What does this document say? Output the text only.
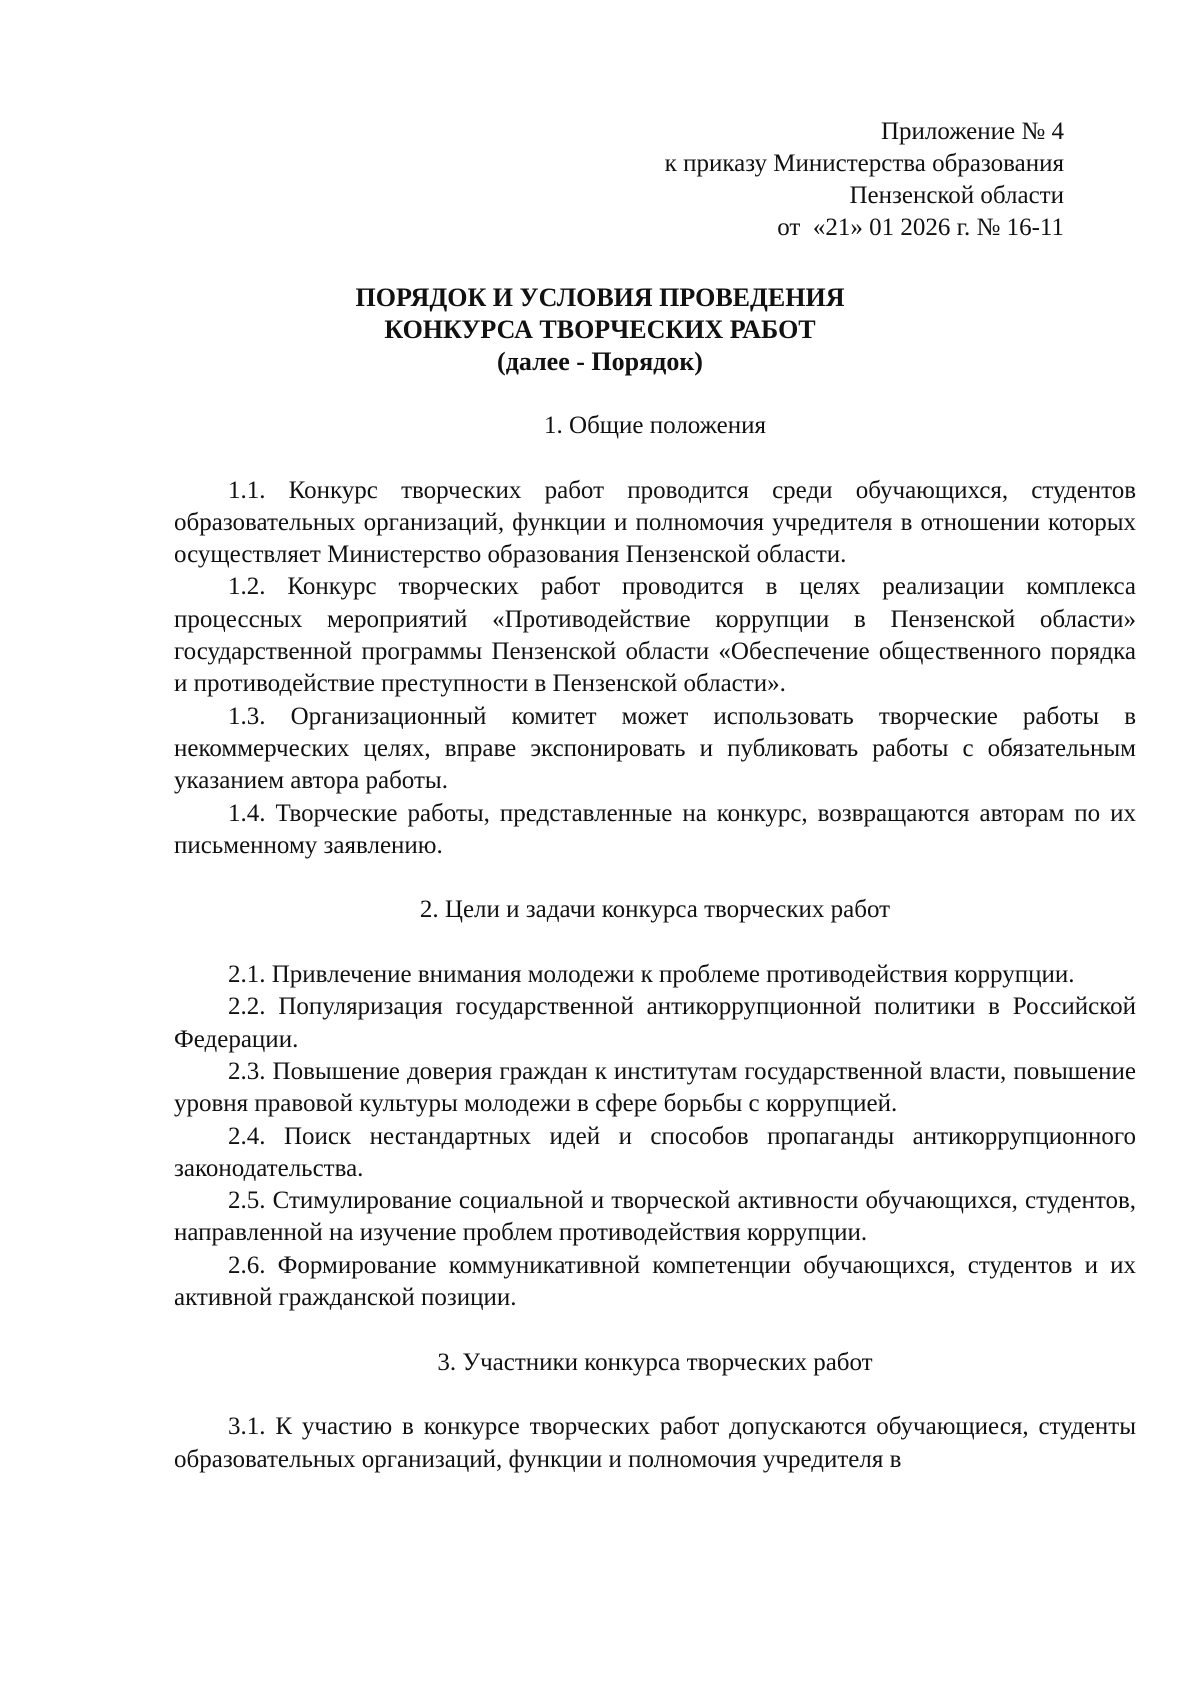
Приложение № 4
к приказу Министерства образования
Пензенской области
от  «21» 01 2026 г. № 16-11
ПОРЯДОК И УСЛОВИЯ ПРОВЕДЕНИЯ
КОНКУРСА ТВОРЧЕСКИХ РАБОТ
(далее - Порядок)
1. Общие положения

1.1. Конкурс творческих работ проводится среди обучающихся, студентов образовательных организаций, функции и полномочия учредителя в отношении которых осуществляет Министерство образования Пензенской области.

1.2. Конкурс творческих работ проводится в целях реализации комплекса процессных мероприятий «Противодействие коррупции в Пензенской области» государственной программы Пензенской области «Обеспечение общественного порядка и противодействие преступности в Пензенской области».

1.3. Организационный комитет может использовать творческие работы в некоммерческих целях, вправе экспонировать и публиковать работы с обязательным указанием автора работы.

1.4. Творческие работы, представленные на конкурс, возвращаются авторам по их письменному заявлению.

2. Цели и задачи конкурса творческих работ

2.1. Привлечение внимания молодежи к проблеме противодействия коррупции.

2.2. Популяризация государственной антикоррупционной политики в Российской Федерации.

2.3. Повышение доверия граждан к институтам государственной власти, повышение уровня правовой культуры молодежи в сфере борьбы с коррупцией.

2.4. Поиск нестандартных идей и способов пропаганды антикоррупционного законодательства.

2.5. Стимулирование социальной и творческой активности обучающихся, студентов, направленной на изучение проблем противодействия коррупции.

2.6. Формирование коммуникативной компетенции обучающихся, студентов и их активной гражданской позиции.

3. Участники конкурса творческих работ

3.1. К участию в конкурсе творческих работ допускаются обучающиеся, студенты образовательных организаций, функции и полномочия учредителя в
